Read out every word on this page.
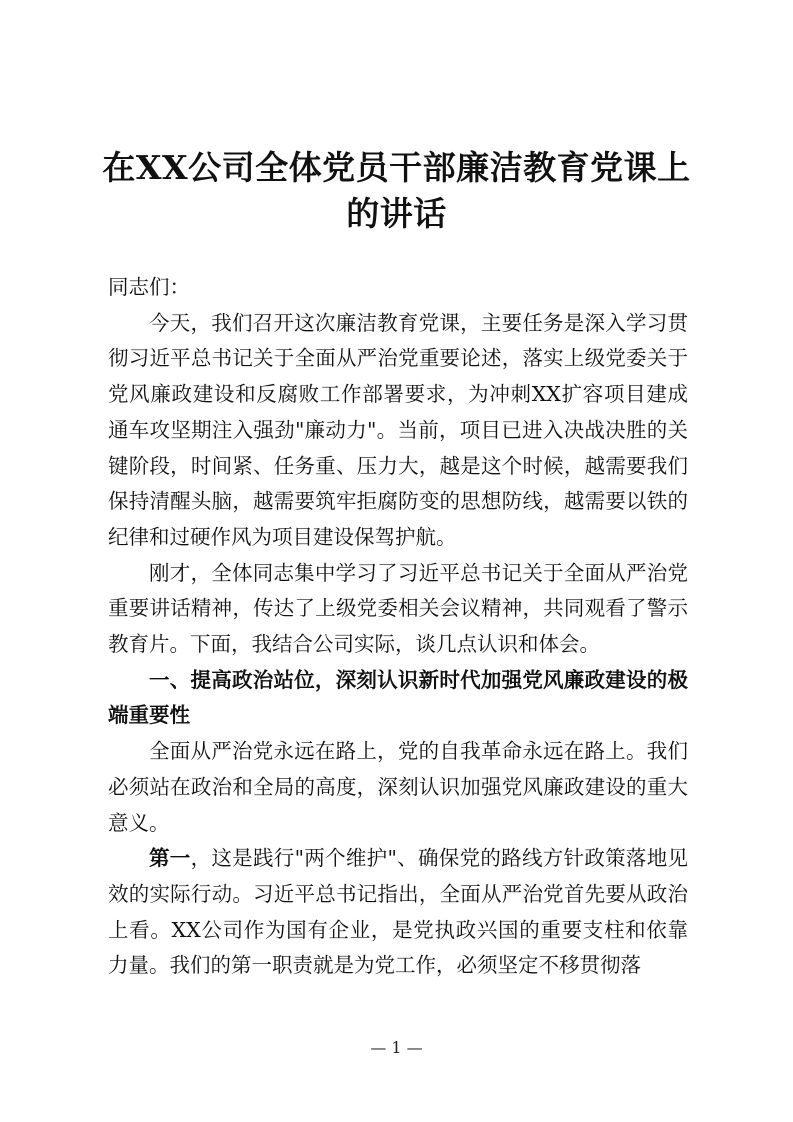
在XX公司全体党员干部廉洁教育党课上的讲话

同志们：

今天，我们召开这次廉洁教育党课，主要任务是深入学习贯彻习近平总书记关于全面从严治党重要论述，落实上级党委关于党风廉政建设和反腐败工作部署要求，为冲刺XX扩容项目建成通车攻坚期注入强劲"廉动力"。当前，项目已进入决战决胜的关键阶段，时间紧、任务重、压力大，越是这个时候，越需要我们保持清醒头脑，越需要筑牢拒腐防变的思想防线，越需要以铁的纪律和过硬作风为项目建设保驾护航。

刚才，全体同志集中学习了习近平总书记关于全面从严治党重要讲话精神，传达了上级党委相关会议精神，共同观看了警示教育片。下面，我结合公司实际，谈几点认识和体会。

一、提高政治站位，深刻认识新时代加强党风廉政建设的极端重要性

全面从严治党永远在路上，党的自我革命永远在路上。我们必须站在政治和全局的高度，深刻认识加强党风廉政建设的重大意义。

第一，这是践行"两个维护"、确保党的路线方针政策落地见效的实际行动。习近平总书记指出，全面从严治党首先要从政治上看。XX公司作为国有企业，是党执政兴国的重要支柱和依靠力量。我们的第一职责就是为党工作，必须坚定不移贯彻落

— 1 —
